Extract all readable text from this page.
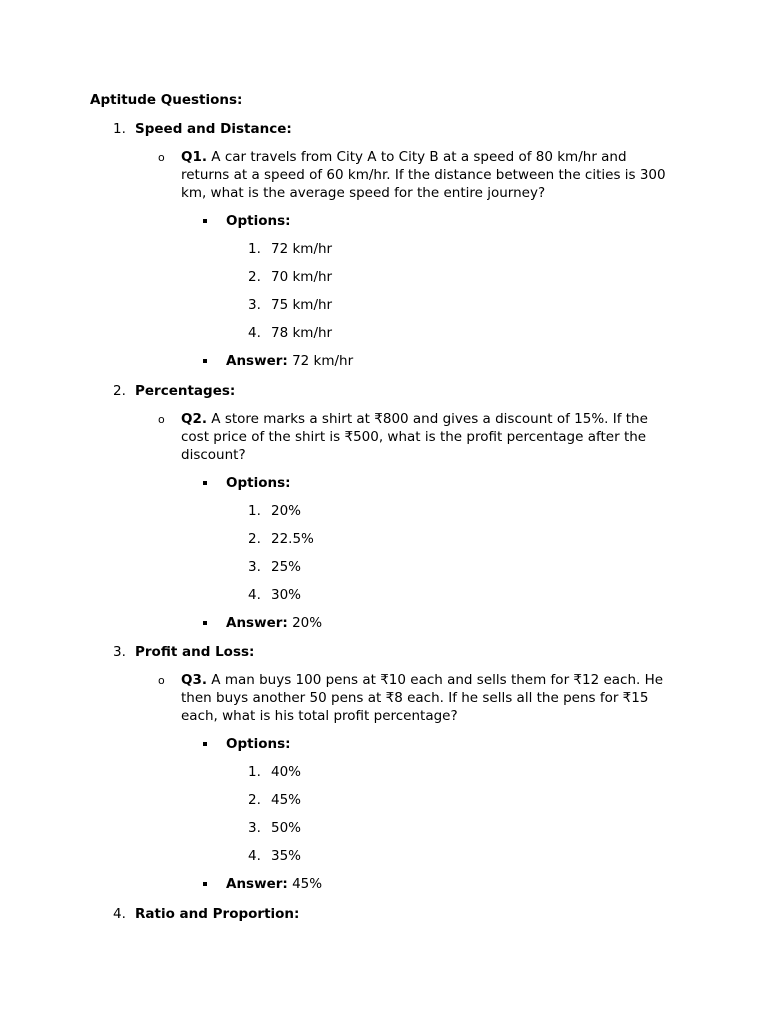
Aptitude Questions:
1. Speed and Distance:
o Q1. A car travels from City A to City B at a speed of 80 km/hr and
returns at a speed of 60 km/hr. If the distance between the cities is 300
km, what is the average speed for the entire journey?
Options:
1. 72 km/hr
2. 70 km/hr
3. 75 km/hr
4. 78 km/hr
Answer: 72 km/hr
2. Percentages:
o Q2. A store marks a shirt at ₹800 and gives a discount of 15%. If the
cost price of the shirt is ₹500, what is the profit percentage after the
discount?
Options:
1. 20%
2. 22.5%
3. 25%
4. 30%
Answer: 20%
3. Profit and Loss:
o Q3. A man buys 100 pens at ₹10 each and sells them for ₹12 each. He
then buys another 50 pens at ₹8 each. If he sells all the pens for ₹15
each, what is his total profit percentage?
Options:
1. 40%
2. 45%
3. 50%
4. 35%
Answer: 45%
4. Ratio and Proportion:
